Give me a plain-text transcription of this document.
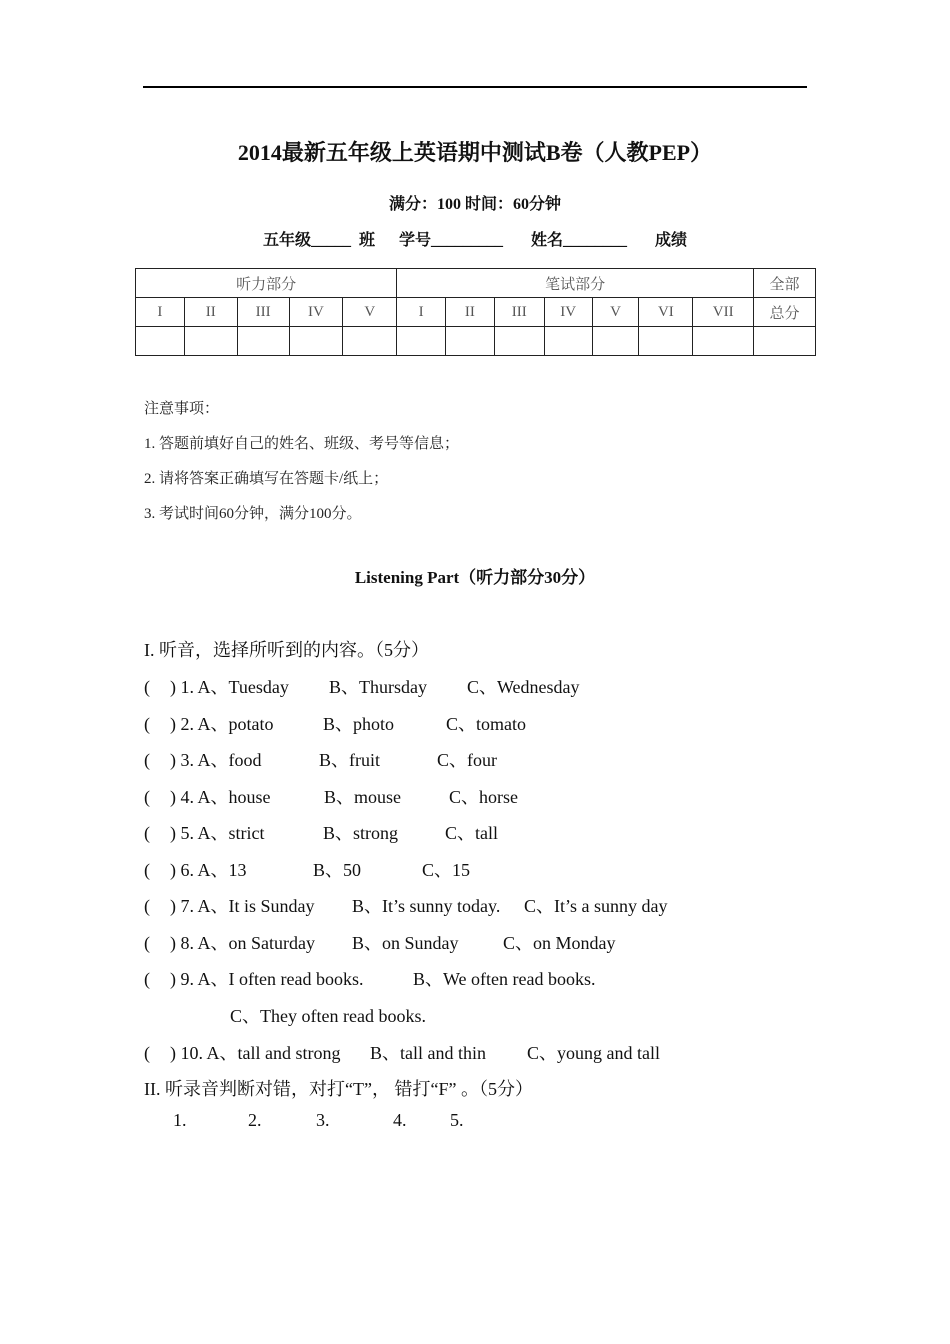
2014最新五年级上英语期中测试B卷（人教PEP）
满分：100 时间：60分钟
五年级_____  班 学号_________ 姓名________ 成绩
听力部分					笔试部分							全部
I	II	III	IV	V	I	II	III	IV	V	VI	VII	总分

注意事项：
1. 答题前填好自己的姓名、班级、考号等信息；
2. 请将答案正确填写在答题卡/纸上；
3. 考试时间60分钟，满分100分。
Listening Part（听力部分30分）
I. 听音，选择所听到的内容。（5分）
( ) 1. A、Tuesday B、Thursday C、Wednesday
( ) 2. A、potato	B、photo	C、tomato
( ) 3. A、food	B、fruit	C、four
( ) 4. A、house	B、mouse	C、horse
( ) 5. A、strict	B、strong	C、tall
( ) 6. A、13	B、50	C、15
( ) 7. A、It is Sunday B、It’s sunny today. C、It’s a sunny day
( ) 8. A、on Saturday B、on Sunday C、on Monday
( ) 9. A、I often read books.	B、We often read books.
C、They often read books.
( ) 10. A、tall and strong B、tall and thin C、young and tall
II. 听录音判断对错，对打“T”， 错打“F” 。（5分）
1.	2.	3.	4. 5.
